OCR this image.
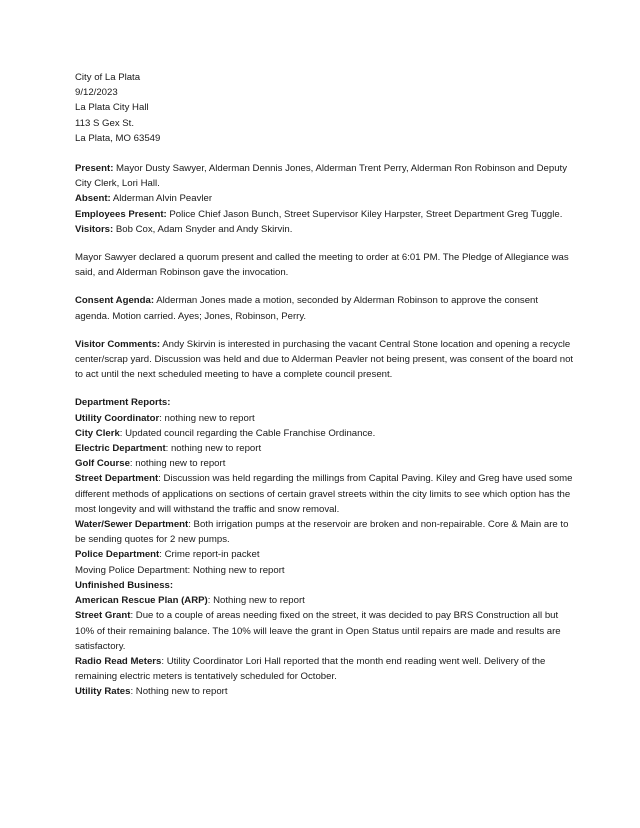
City of La Plata
9/12/2023
La Plata City Hall
113 S Gex St.
La Plata, MO 63549
Present: Mayor Dusty Sawyer, Alderman Dennis Jones, Alderman Trent Perry, Alderman Ron Robinson and Deputy City Clerk, Lori Hall.
Absent: Alderman Alvin Peavler
Employees Present: Police Chief Jason Bunch, Street Supervisor Kiley Harpster, Street Department Greg Tuggle.
Visitors: Bob Cox, Adam Snyder and Andy Skirvin.
Mayor Sawyer declared a quorum present and called the meeting to order at 6:01 PM. The Pledge of Allegiance was said, and Alderman Robinson gave the invocation.
Consent Agenda: Alderman Jones made a motion, seconded by Alderman Robinson to approve the consent agenda. Motion carried. Ayes; Jones, Robinson, Perry.
Visitor Comments: Andy Skirvin is interested in purchasing the vacant Central Stone location and opening a recycle center/scrap yard. Discussion was held and due to Alderman Peavler not being present, was consent of the board not to act until the next scheduled meeting to have a complete council present.
Department Reports:
Utility Coordinator: nothing new to report
City Clerk: Updated council regarding the Cable Franchise Ordinance.
Electric Department: nothing new to report
Golf Course: nothing new to report
Street Department: Discussion was held regarding the millings from Capital Paving. Kiley and Greg have used some different methods of applications on sections of certain gravel streets within the city limits to see which option has the most longevity and will withstand the traffic and snow removal.
Water/Sewer Department: Both irrigation pumps at the reservoir are broken and non-repairable. Core & Main are to be sending quotes for 2 new pumps.
Police Department: Crime report-in packet
Moving Police Department: Nothing new to report
Unfinished Business:
American Rescue Plan (ARP): Nothing new to report
Street Grant: Due to a couple of areas needing fixed on the street, it was decided to pay BRS Construction all but 10% of their remaining balance. The 10% will leave the grant in Open Status until repairs are made and results are satisfactory.
Radio Read Meters: Utility Coordinator Lori Hall reported that the month end reading went well. Delivery of the remaining electric meters is tentatively scheduled for October.
Utility Rates: Nothing new to report
